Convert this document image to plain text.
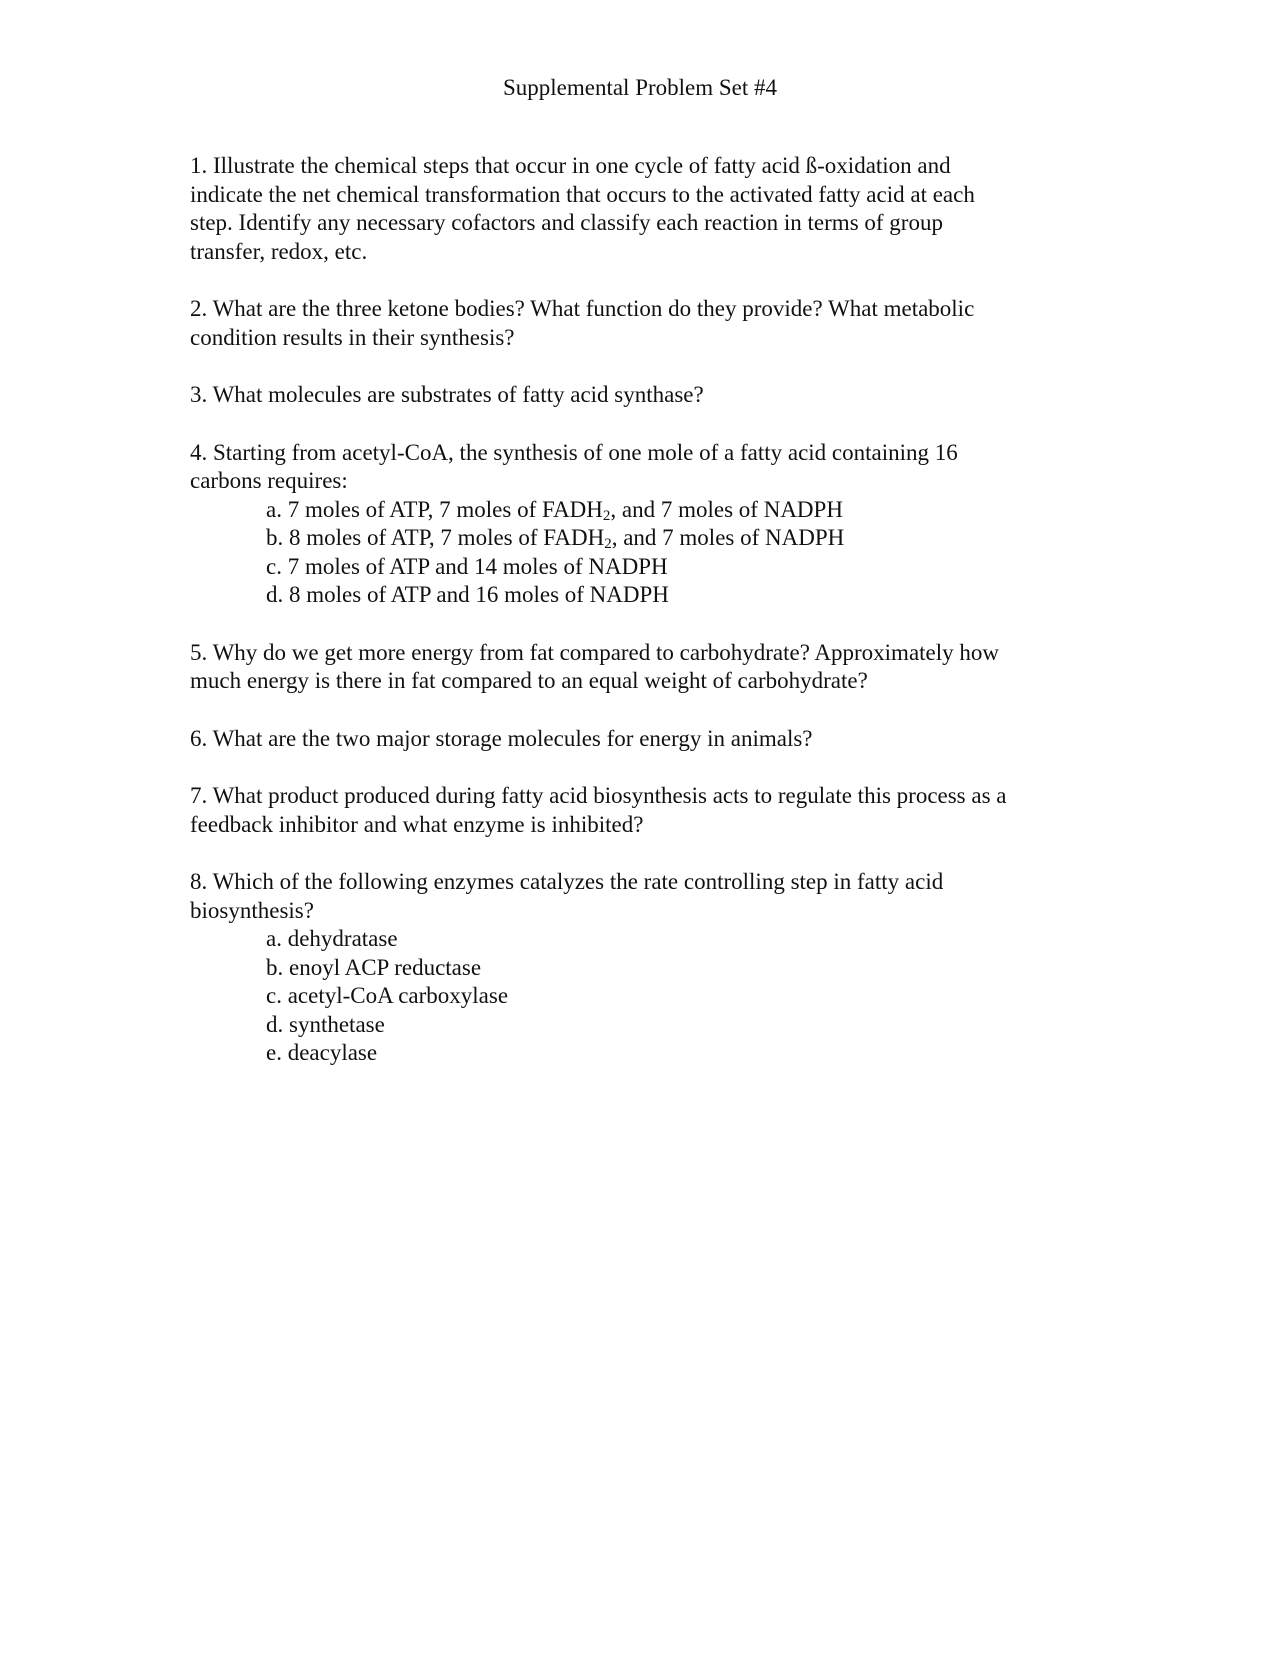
Supplemental Problem Set #4
1. Illustrate the chemical steps that occur in one cycle of fatty acid ß-oxidation and
indicate the net chemical transformation that occurs to the activated fatty acid at each
step. Identify any necessary cofactors and classify each reaction in terms of group
transfer, redox, etc.
2. What are the three ketone bodies? What function do they provide? What metabolic
condition results in their synthesis?
3. What molecules are substrates of fatty acid synthase?
4. Starting from acetyl-CoA, the synthesis of one mole of a fatty acid containing 16
carbons requires:
a. 7 moles of ATP, 7 moles of $FADH_2$, and 7 moles of NADPH
b. 8 moles of ATP, 7 moles of $FADH_2$, and 7 moles of NADPH
c. 7 moles of ATP and 14 moles of NADPH
d. 8 moles of ATP and 16 moles of NADPH
5. Why do we get more energy from fat compared to carbohydrate? Approximately how
much energy is there in fat compared to an equal weight of carbohydrate?
6. What are the two major storage molecules for energy in animals?
7. What product produced during fatty acid biosynthesis acts to regulate this process as a
feedback inhibitor and what enzyme is inhibited?
8. Which of the following enzymes catalyzes the rate controlling step in fatty acid
biosynthesis?
a. dehydratase
b. enoyl ACP reductase
c. acetyl-CoA carboxylase
d. synthetase
e. deacylase
